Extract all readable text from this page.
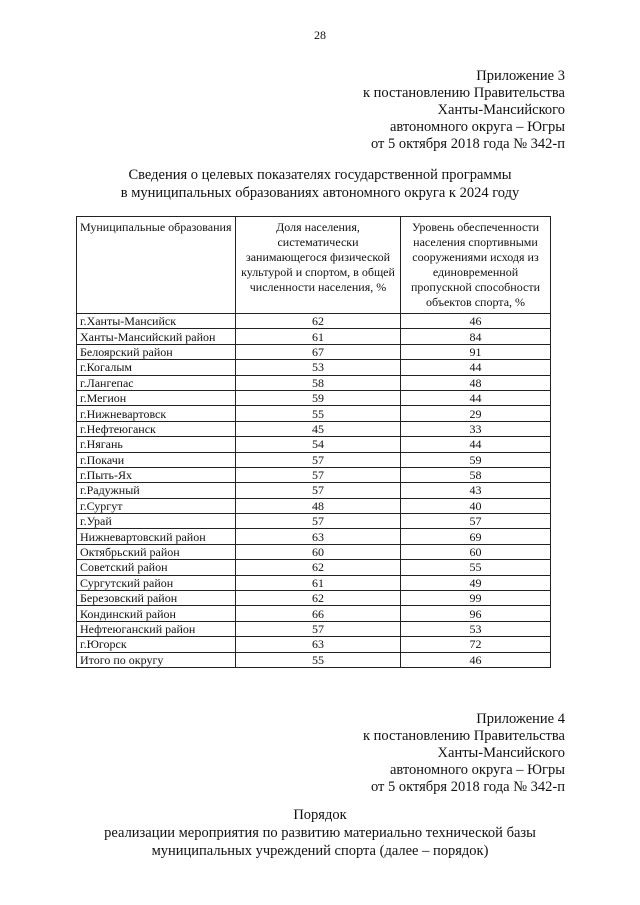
28
Приложение 3
к постановлению Правительства
Ханты-Мансийского
автономного округа – Югры
от 5 октября 2018 года № 342-п
Сведения о целевых показателях государственной программы
в муниципальных образованиях автономного округа к 2024 году
Муниципальные образования	Доля населения, систематически занимающегося физической культурой и спортом, в общей численности населения, %	Уровень обеспеченности населения спортивными сооружениями исходя из единовременной пропускной способности объектов спорта, %
г.Ханты-Мансийск	62	46
Ханты-Мансийский район	61	84
Белоярский район	67	91
г.Когалым	53	44
г.Лангепас	58	48
г.Мегион	59	44
г.Нижневартовск	55	29
г.Нефтеюганск	45	33
г.Нягань	54	44
г.Покачи	57	59
г.Пыть-Ях	57	58
г.Радужный	57	43
г.Сургут	48	40
г.Урай	57	57
Нижневартовский район	63	69
Октябрьский район	60	60
Советский район	62	55
Сургутский район	61	49
Березовский район	62	99
Кондинский район	66	96
Нефтеюганский район	57	53
г.Югорск	63	72
Итого по округу	55	46
Приложение 4
к постановлению Правительства
Ханты-Мансийского
автономного округа – Югры
от 5 октября 2018 года № 342-п
Порядок
реализации мероприятия по развитию материально технической базы
муниципальных учреждений спорта (далее – порядок)
